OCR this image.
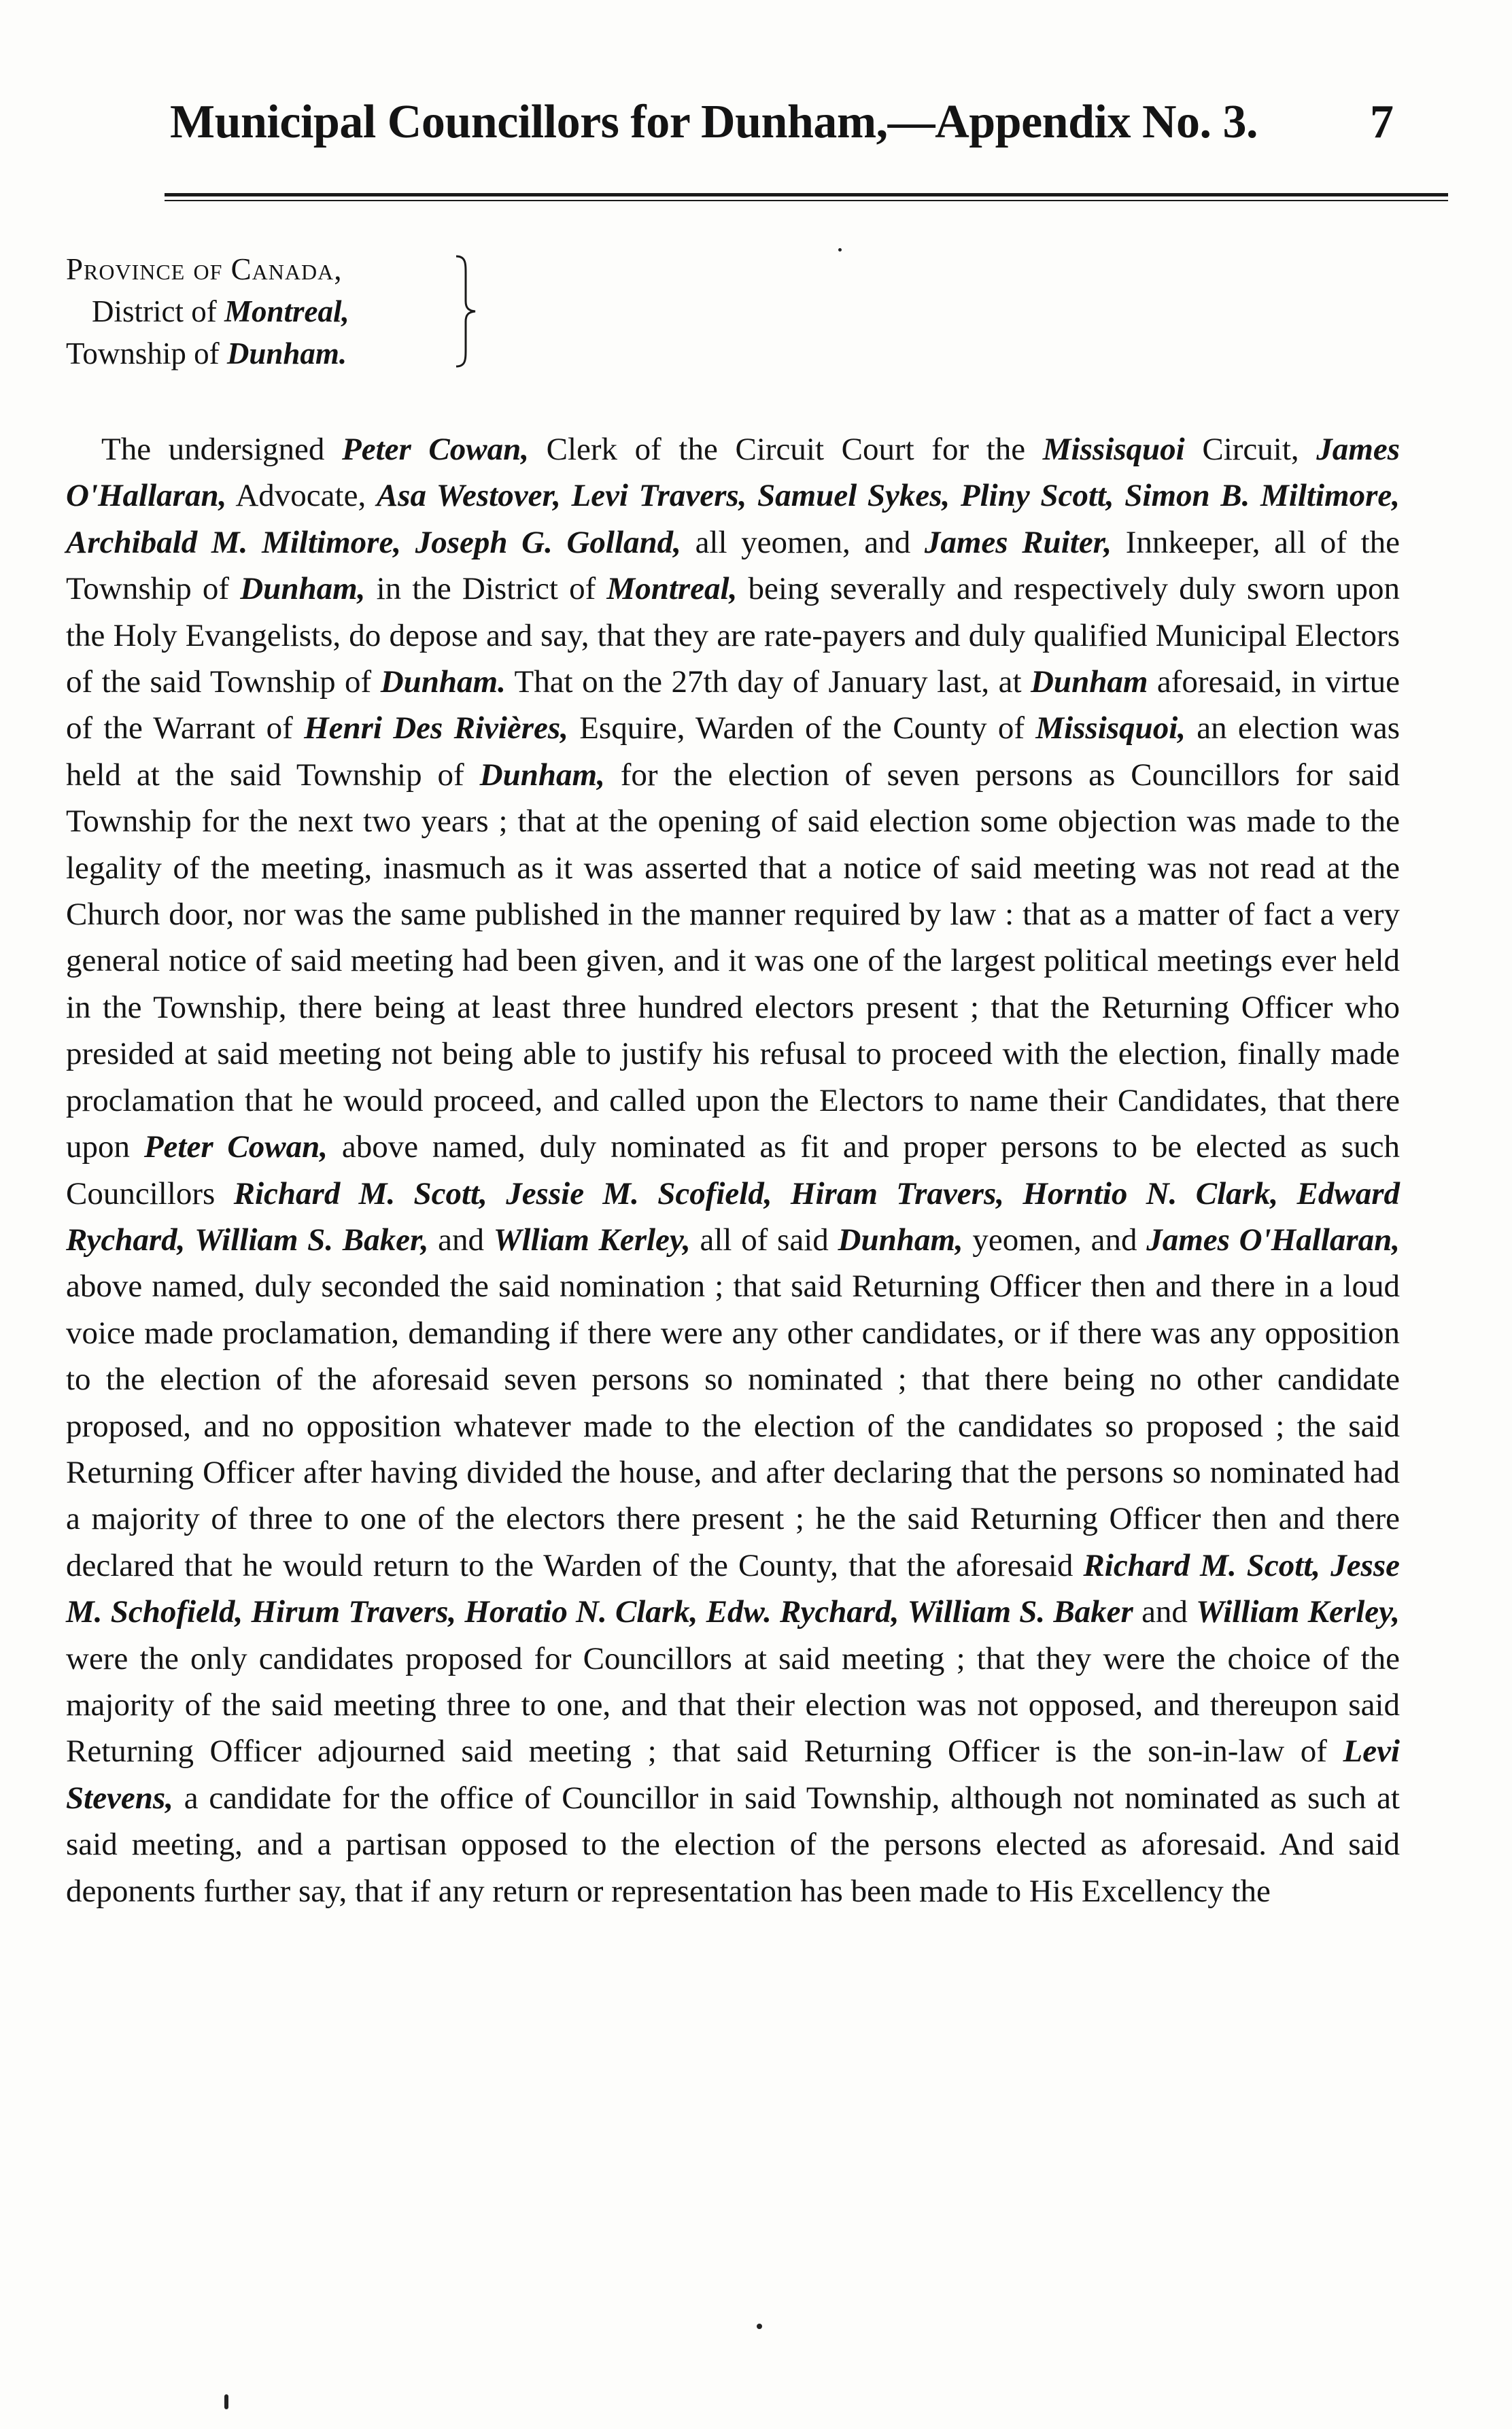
Municipal Councillors for Dunham,—Appendix No. 3. 7
Province of Canada,
District of Montreal,
Township of Dunham.

The undersigned Peter Cowan, Clerk of the Circuit Court for the Missisquoi Circuit, James O'Hallaran, Advocate, Asa Westover, Levi Travers, Samuel Sykes, Pliny Scott, Simon B. Miltimore, Archibald M. Miltimore, Joseph G. Golland, all yeomen, and James Ruiter, Innkeeper, all of the Township of Dunham, in the District of Montreal, being severally and respectively duly sworn upon the Holy Evangelists, do depose and say, that they are rate-payers and duly qualified Municipal Electors of the said Township of Dunham. That on the 27th day of January last, at Dunham aforesaid, in virtue of the Warrant of Henri Des Rivières, Esquire, Warden of the County of Missisquoi, an election was held at the said Township of Dunham, for the election of seven persons as Councillors for said Township for the next two years ; that at the opening of said election some objection was made to the legality of the meeting, inasmuch as it was asserted that a notice of said meeting was not read at the Church door, nor was the same published in the manner required by law : that as a matter of fact a very general notice of said meeting had been given, and it was one of the largest political meetings ever held in the Township, there being at least three hundred electors present ; that the Returning Officer who presided at said meeting not being able to justify his refusal to proceed with the election, finally made proclamation that he would proceed, and called upon the Electors to name their Candidates, that there upon Peter Cowan, above named, duly nominated as fit and proper persons to be elected as such Councillors Richard M. Scott, Jessie M. Scofield, Hiram Travers, Horntio N. Clark, Edward Rychard, William S. Baker, and Wlliam Kerley, all of said Dunham, yeomen, and James O'Hallaran, above named, duly seconded the said nomination ; that said Returning Officer then and there in a loud voice made proclamation, demanding if there were any other candidates, or if there was any opposition to the election of the aforesaid seven persons so nominated ; that there being no other candidate proposed, and no opposition whatever made to the election of the candidates so proposed ; the said Returning Officer after having divided the house, and after declaring that the persons so nominated had a majority of three to one of the electors there present ; he the said Returning Officer then and there declared that he would return to the Warden of the County, that the aforesaid Richard M. Scott, Jesse M. Schofield, Hirum Travers, Horatio N. Clark, Edw. Rychard, William S. Baker and William Kerley, were the only candidates proposed for Councillors at said meeting ; that they were the choice of the majority of the said meeting three to one, and that their election was not opposed, and thereupon said Returning Officer adjourned said meeting ; that said Returning Officer is the son-in-law of Levi Stevens, a candidate for the office of Councillor in said Township, although not nominated as such at said meeting, and a partisan opposed to the election of the persons elected as aforesaid. And said deponents further say, that if any return or representation has been made to His Excellency the
